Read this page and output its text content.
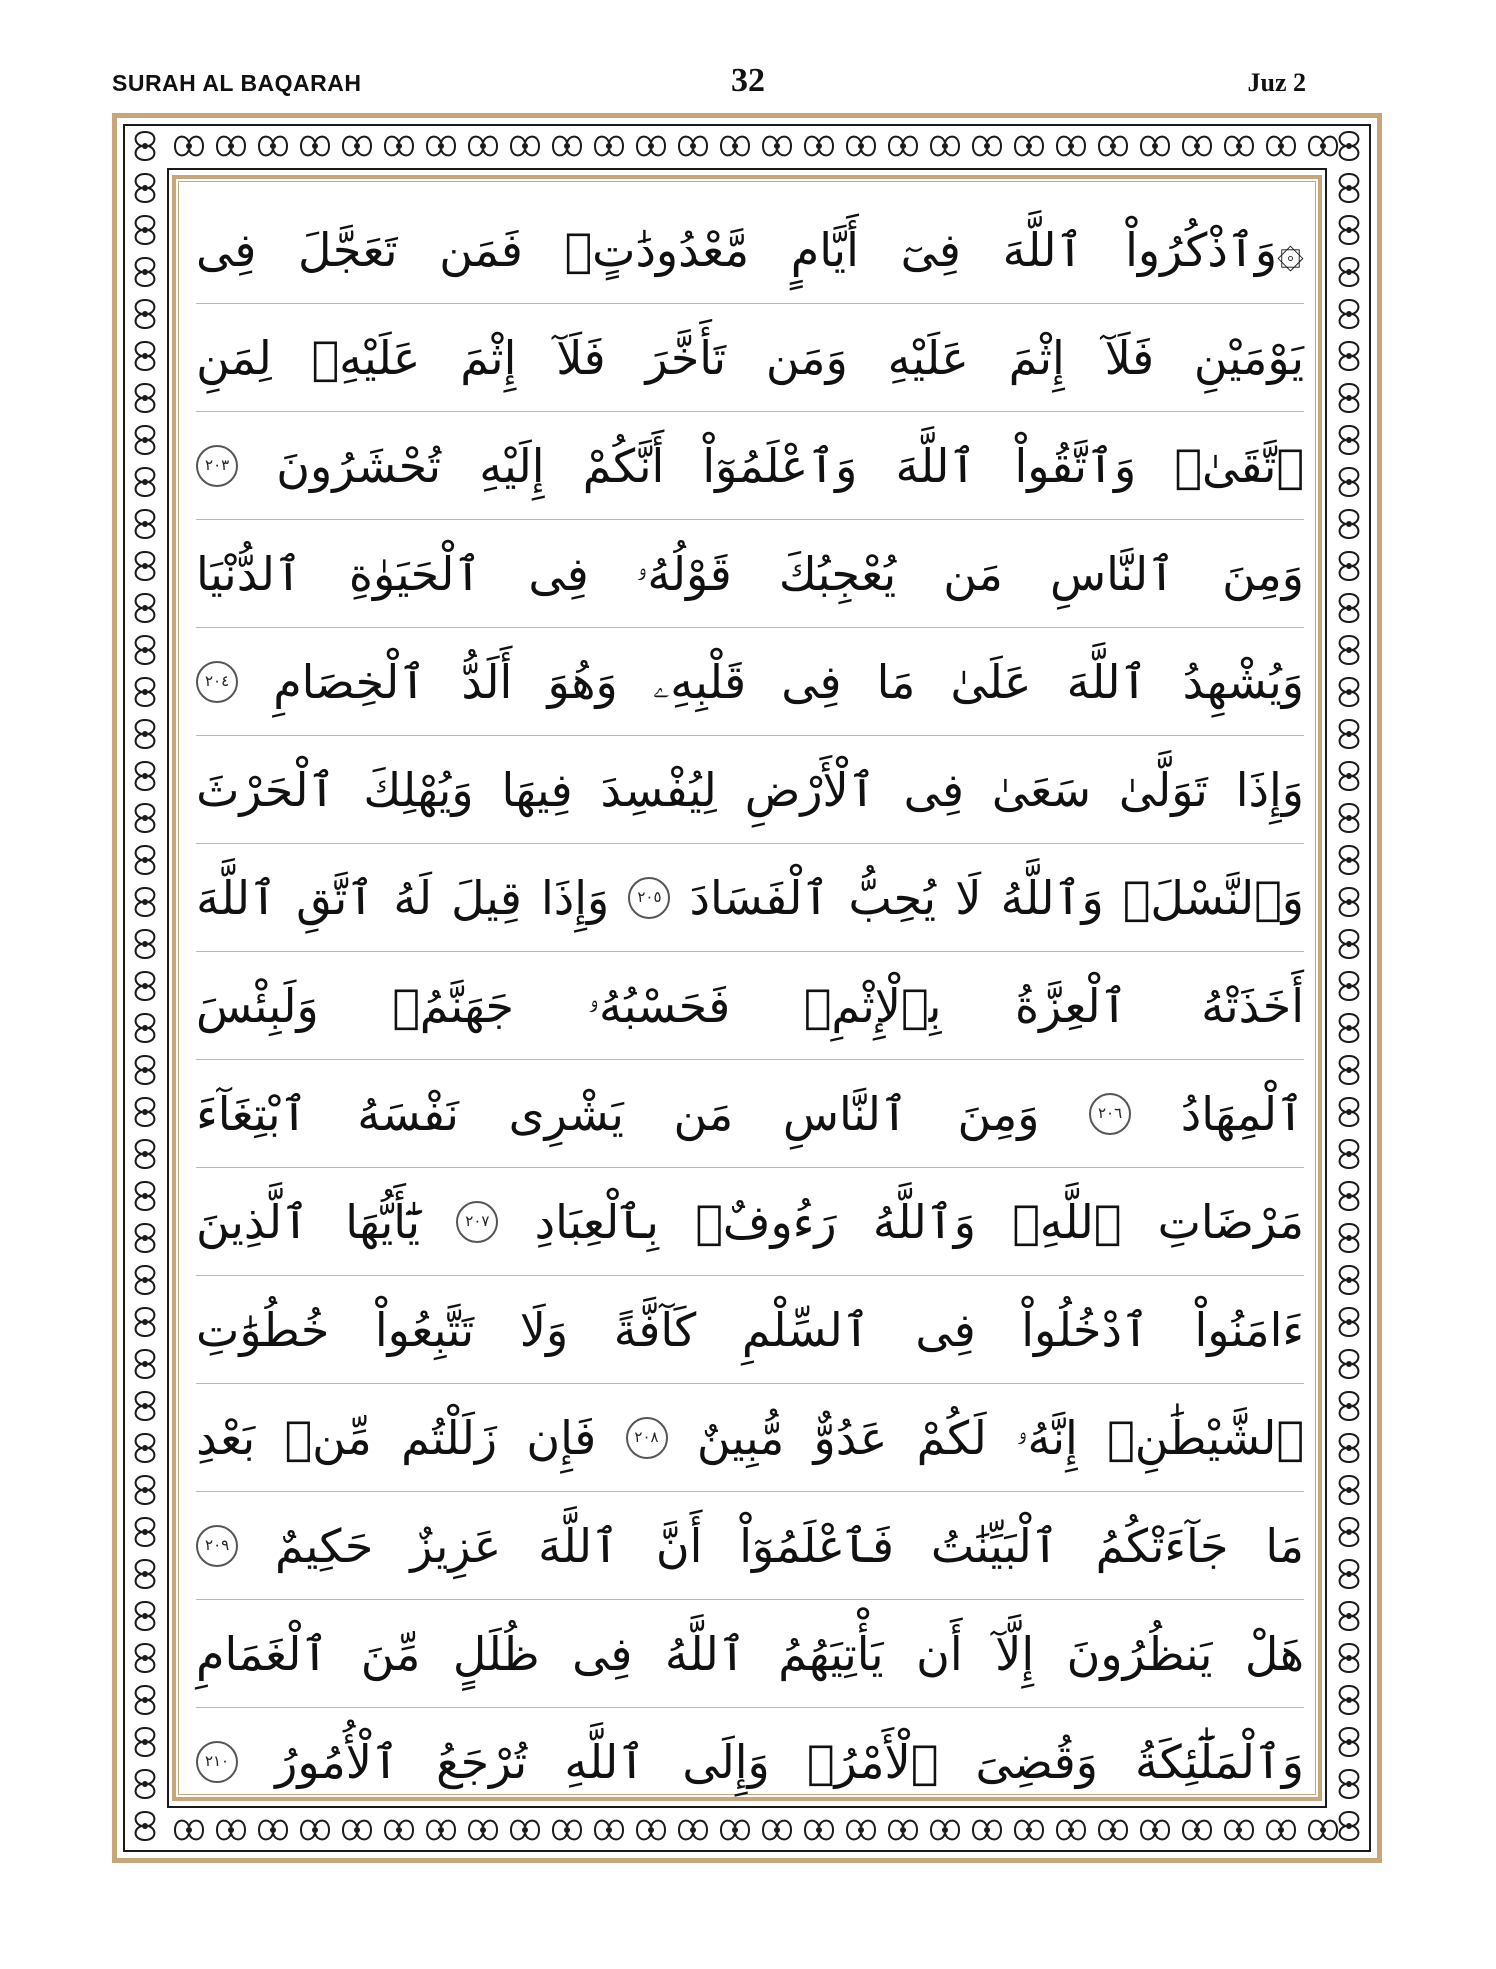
SURAH AL BAQARAH	32	Juz 2
۞وَٱذْكُرُواْ
ٱللَّهَ
فِىٓ
أَيَّامٍ
مَّعْدُودَٰتٍۚ
فَمَن
تَعَجَّلَ
فِى
يَوْمَيْنِ
فَلَآ
إِثْمَ
عَلَيْهِ
وَمَن
تَأَخَّرَ
فَلَآ
إِثْمَ
عَلَيْهِۖ
لِمَنِ
ٱتَّقَىٰۗ
وَٱتَّقُواْ
ٱللَّهَ
وَٱعْلَمُوٓاْ
أَنَّكُمْ
إِلَيْهِ
تُحْشَرُونَ
٢٠٣
وَمِنَ
ٱلنَّاسِ
مَن
يُعْجِبُكَ
قَوْلُهُۥ
فِى
ٱلْحَيَوٰةِ
ٱلدُّنْيَا
وَيُشْهِدُ
ٱللَّهَ
عَلَىٰ
مَا
فِى
قَلْبِهِۦ
وَهُوَ
أَلَدُّ
ٱلْخِصَامِ
٢٠٤
وَإِذَا
تَوَلَّىٰ
سَعَىٰ
فِى
ٱلْأَرْضِ
لِيُفْسِدَ
فِيهَا
وَيُهْلِكَ
ٱلْحَرْثَ
وَٱلنَّسْلَۚ
وَٱللَّهُ
لَا
يُحِبُّ
ٱلْفَسَادَ
٢٠٥
وَإِذَا
قِيلَ
لَهُ
ٱتَّقِ
ٱللَّهَ
أَخَذَتْهُ
ٱلْعِزَّةُ
بِٱلْإِثْمِۚ
فَحَسْبُهُۥ
جَهَنَّمُۖ
وَلَبِئْسَ
ٱلْمِهَادُ
٢٠٦
وَمِنَ
ٱلنَّاسِ
مَن
يَشْرِى
نَفْسَهُ
ٱبْتِغَآءَ
مَرْضَاتِ
ٱللَّهِۗ
وَٱللَّهُ
رَءُوفٌۢ
بِٱلْعِبَادِ
٢٠٧
يَٰٓأَيُّهَا
ٱلَّذِينَ
ءَامَنُواْ
ٱدْخُلُواْ
فِى
ٱلسِّلْمِ
كَآفَّةً
وَلَا
تَتَّبِعُواْ
خُطُوَٰتِ
ٱلشَّيْطَٰنِۚ
إِنَّهُۥ
لَكُمْ
عَدُوٌّ
مُّبِينٌ
٢٠٨
فَإِن
زَلَلْتُم
مِّنۢ
بَعْدِ
مَا
جَآءَتْكُمُ
ٱلْبَيِّنَٰتُ
فَٱعْلَمُوٓاْ
أَنَّ
ٱللَّهَ
عَزِيزٌ
حَكِيمٌ
٢٠٩
هَلْ
يَنظُرُونَ
إِلَّآ
أَن
يَأْتِيَهُمُ
ٱللَّهُ
فِى
ظُلَلٍ
مِّنَ
ٱلْغَمَامِ
وَٱلْمَلَٰٓئِكَةُ
وَقُضِىَ
ٱلْأَمْرُۚ
وَإِلَى
ٱللَّهِ
تُرْجَعُ
ٱلْأُمُورُ
٢١٠
